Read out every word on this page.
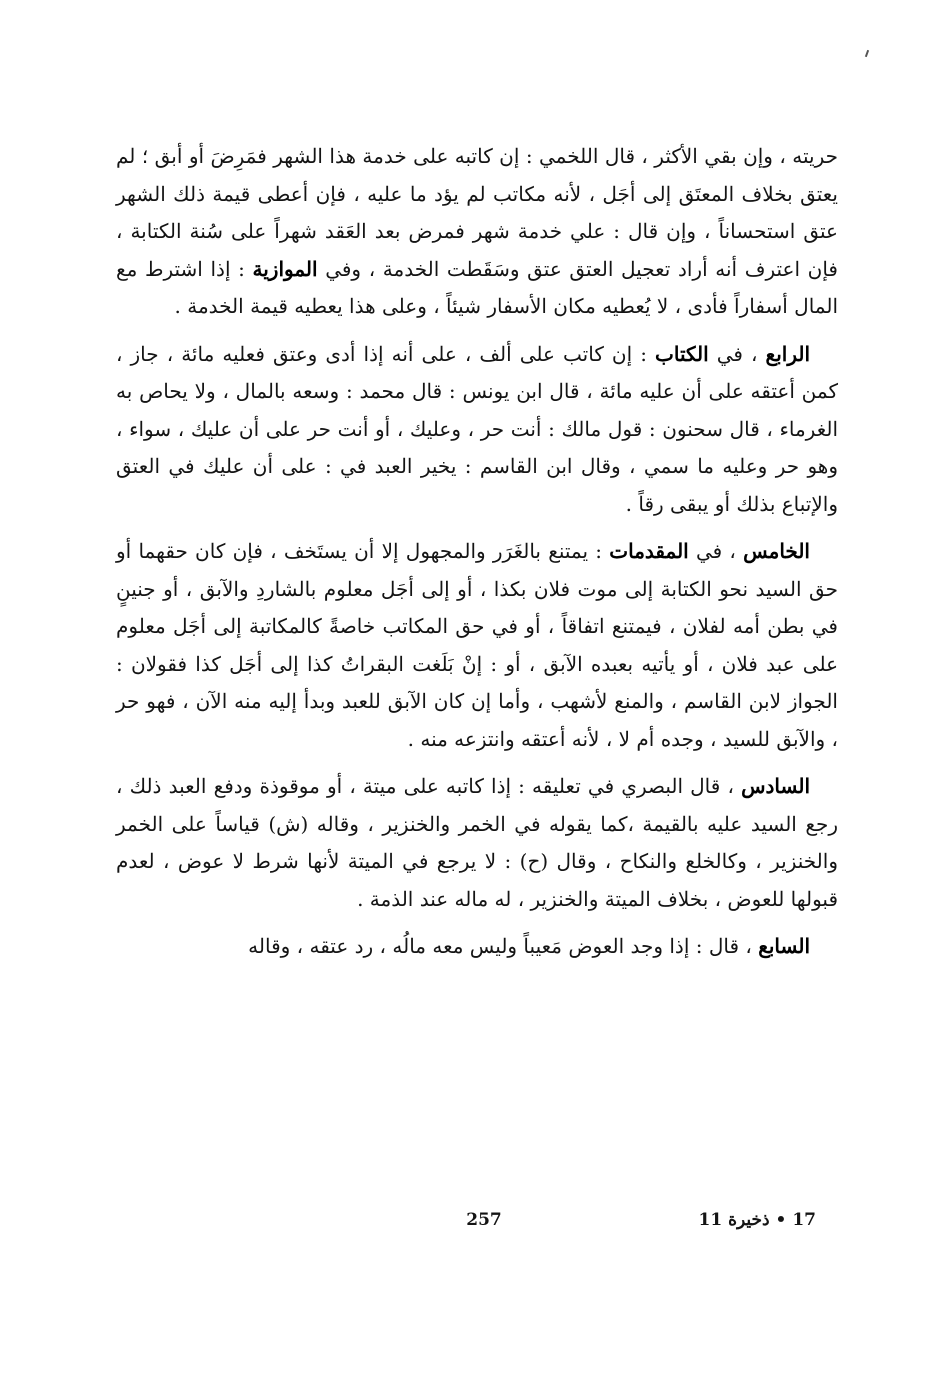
حريته ، وإن بقي الأكثر ، قال اللخمي : إن كاتبه على خدمة هذا الشهر فمَرِضَ أو أبق ؛ لم يعتق بخلاف المعتَق إلى أجَل ، لأنه مكاتب لم يؤد ما عليه ، فإن أعطى قيمة ذلك الشهر عتق استحساناً ، وإن قال : علي خدمة شهر فمرض بعد العَقد شهراً على سُنة الكتابة ، فإن اعترف أنه أراد تعجيل العتق عتق وسَقَطت الخدمة ، وفي الموازية : إذا اشترط مع المال أسفاراً فأدى ، لا يُعطيه مكان الأسفار شيئاً ، وعلى هذا يعطيه قيمة الخدمة .

الرابع ، في الكتاب : إن كاتب على ألف ، على أنه إذا أدى وعتق فعليه مائة ، جاز ، كمن أعتقه على أن عليه مائة ، قال ابن يونس : قال محمد : وسعه بالمال ، ولا يحاص به الغرماء ، قال سحنون : قول مالك : أنت حر ، وعليك ، أو أنت حر على أن عليك ، سواء ، وهو حر وعليه ما سمي ، وقال ابن القاسم : يخير العبد في : على أن عليك في العتق والإتباع بذلك أو يبقى رقاً .

الخامس ، في المقدمات : يمتنع بالغَرَر والمجهول إلا أن يستَخف ، فإن كان حقهما أو حق السيد نحو الكتابة إلى موت فلان بكذا ، أو إلى أجَل معلوم بالشاردِ والآبق ، أو جنينٍ في بطن أمه لفلان ، فيمتنع اتفاقاً ، أو في حق المكاتب خاصةً كالمكاتبة إلى أجَل معلوم على عبد فلان ، أو يأتيه بعبده الآبق ، أو : إنْ بَلَغت البقراتُ كذا إلى أجَل كذا فقولان : الجواز لابن القاسم ، والمنع لأشهب ، وأما إن كان الآبق للعبد وبدأ إليه منه الآن ، فهو حر ، والآبق للسيد ، وجده أم لا ، لأنه أعتقه وانتزعه منه .

السادس ، قال البصري في تعليقه : إذا كاتبه على ميتة ، أو موقوذة ودفع العبد ذلك ، رجع السيد عليه بالقيمة ،كما يقوله في الخمر والخنزير ، وقاله (ش) قياساً على الخمر والخنزير ، وكالخلع والنكاح ، وقال (ح) : لا يرجع في الميتة لأنها شرط لا عوض ، لعدم قبولها للعوض ، بخلاف الميتة والخنزير ، له ماله عند الذمة .

السابع ، قال : إذا وجد العوض مَعيباً وليس معه مالُه ، رد عتقه ، وقاله

257	17 • ذخيرة 11
